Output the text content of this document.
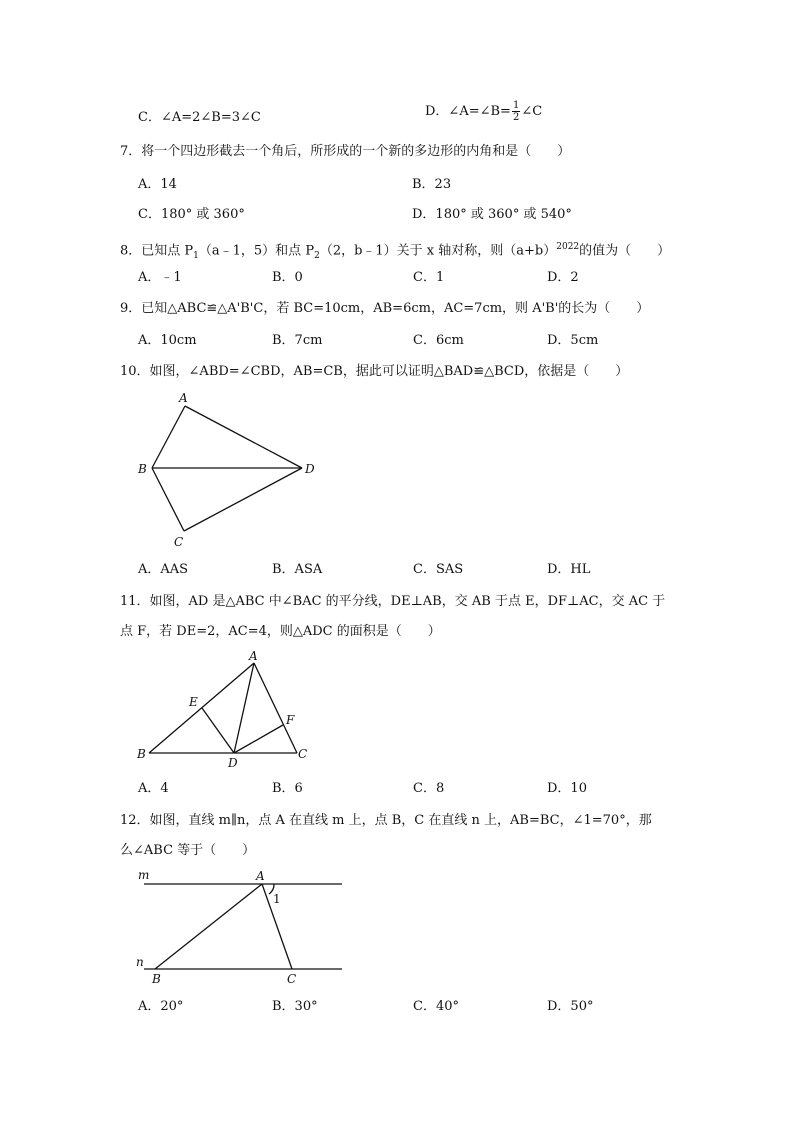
C．∠A=2∠B=3∠C	D．∠A=∠B= $\frac{1}{2}$ ∠C
7．将一个四边形截去一个角后，所形成的一个新的多边形的内角和是（　　）
A．14	B．23
C．180° 或 360°	D．180° 或 360° 或 540°
8．已知点 $P_1(a﹣1$，5）和点 $P_2(2$，b﹣1）关于 x 轴对称，则$(a+b)^{2022}$的值为（　　）
A．﹣1	B．0	C．1	D．2
9．已知△ABC≌△A'B'C，若 BC=10cm，AB=6cm，AC=7cm，则 A'B'的长为（　　）
A．10cm	B．7cm	C．6cm	D．5cm
10．如图，∠ABD=∠CBD，AB=CB，据此可以证明△BAD≌△BCD，依据是（　　）
A
B
C
D
A．AAS	B．ASA	C．SAS	D．HL
11．如图，AD 是△ABC 中∠BAC 的平分线，DE⊥AB，交 AB 于点 E，DF⊥AC，交 AC 于
点 F，若 DE=2，AC=4，则△ADC 的面积是（　　）
A
B	C
D
E
F
A．4	B．6	C．8	D．10
12．如图，直线 m∥n，点 A 在直线 m 上，点 B，C 在直线 n 上，AB=BC，∠1=70°，那
么∠ABC 等于（　　）
m
n
A
B	C
1
A．20°	B．30°	C．40°	D．50°
